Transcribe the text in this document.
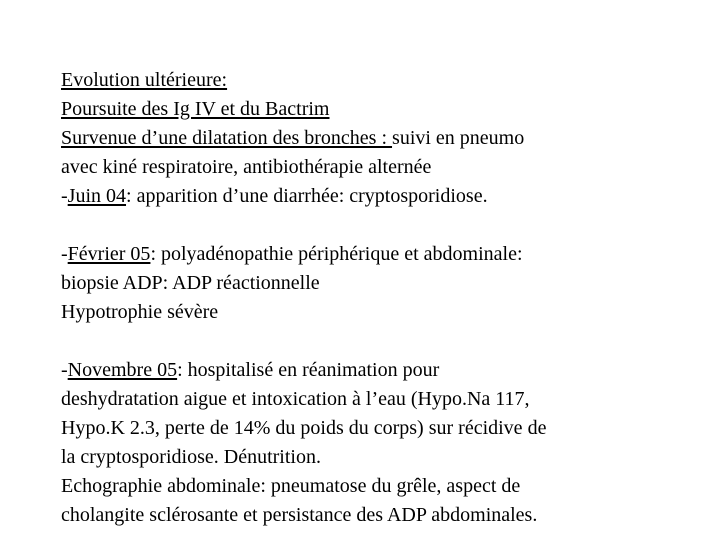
Evolution ultérieure:
Poursuite des Ig IV et du Bactrim
Survenue d’une dilatation des bronches : suivi en pneumo
avec kiné respiratoire, antibiothérapie alternée
-Juin 04: apparition d’une diarrhée: cryptosporidiose.
-Février 05: polyadénopathie périphérique et abdominale:
biopsie ADP: ADP réactionnelle
Hypotrophie sévère
-Novembre 05: hospitalisé en réanimation pour
deshydratation aigue et intoxication à l’eau (Hypo.Na 117,
Hypo.K 2.3, perte de 14% du poids du corps) sur récidive de
la cryptosporidiose. Dénutrition.
Echographie abdominale: pneumatose du grêle, aspect de
cholangite sclérosante et persistance des ADP abdominales.
